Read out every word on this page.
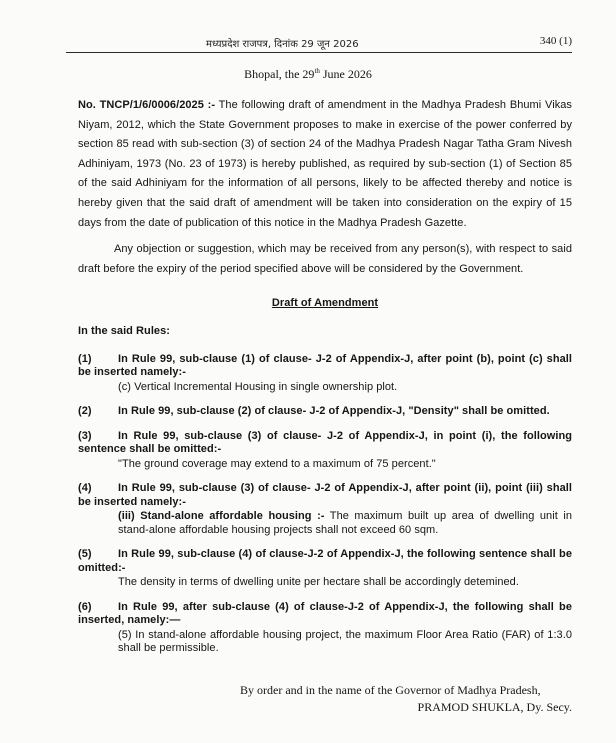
मध्यप्रदेश राजपत्र, दिनांक 29 जून 2026	340 (1)
Bhopal, the 29th June 2026

No. TNCP/1/6/0006/2025 :- The following draft of amendment in the Madhya Pradesh Bhumi Vikas Niyam, 2012, which the State Government proposes to make in exercise of the power conferred by section 85 read with sub-section (3) of section 24 of the Madhya Pradesh Nagar Tatha Gram Nivesh Adhiniyam, 1973 (No. 23 of 1973) is hereby published, as required by sub-section (1) of Section 85 of the said Adhiniyam for the information of all persons, likely to be affected thereby and notice is hereby given that the said draft of amendment will be taken into consideration on the expiry of 15 days from the date of publication of this notice in the Madhya Pradesh Gazette.

Any objection or suggestion, which may be received from any person(s), with respect to said draft before the expiry of the period specified above will be considered by the Government.

Draft of Amendment
In the said Rules:

(1) In Rule 99, sub-clause (1) of clause- J-2 of Appendix-J, after point (b), point (c) shall be inserted namely:-

(c) Vertical Incremental Housing in single ownership plot.

(2) In Rule 99, sub-clause (2) of clause- J-2 of Appendix-J, "Density" shall be omitted.

(3) In Rule 99, sub-clause (3) of clause- J-2 of Appendix-J, in point (i), the following sentence shall be omitted:-

"The ground coverage may extend to a maximum of 75 percent."

(4) In Rule 99, sub-clause (3) of clause- J-2 of Appendix-J, after point (ii), point (iii) shall be inserted namely:-

(iii) Stand-alone affordable housing :- The maximum built up area of dwelling unit in stand-alone affordable housing projects shall not exceed 60 sqm.

(5) In Rule 99, sub-clause (4) of clause-J-2 of Appendix-J, the following sentence shall be omitted:-

The density in terms of dwelling unite per hectare shall be accordingly detemined.

(6) In Rule 99, after sub-clause (4) of clause-J-2 of Appendix-J, the following shall be inserted, namely:—

(5) In stand-alone affordable housing project, the maximum Floor Area Ratio (FAR) of 1:3.0 shall be permissible.

By order and in the name of the Governor of Madhya Pradesh,
PRAMOD SHUKLA, Dy. Secy.
